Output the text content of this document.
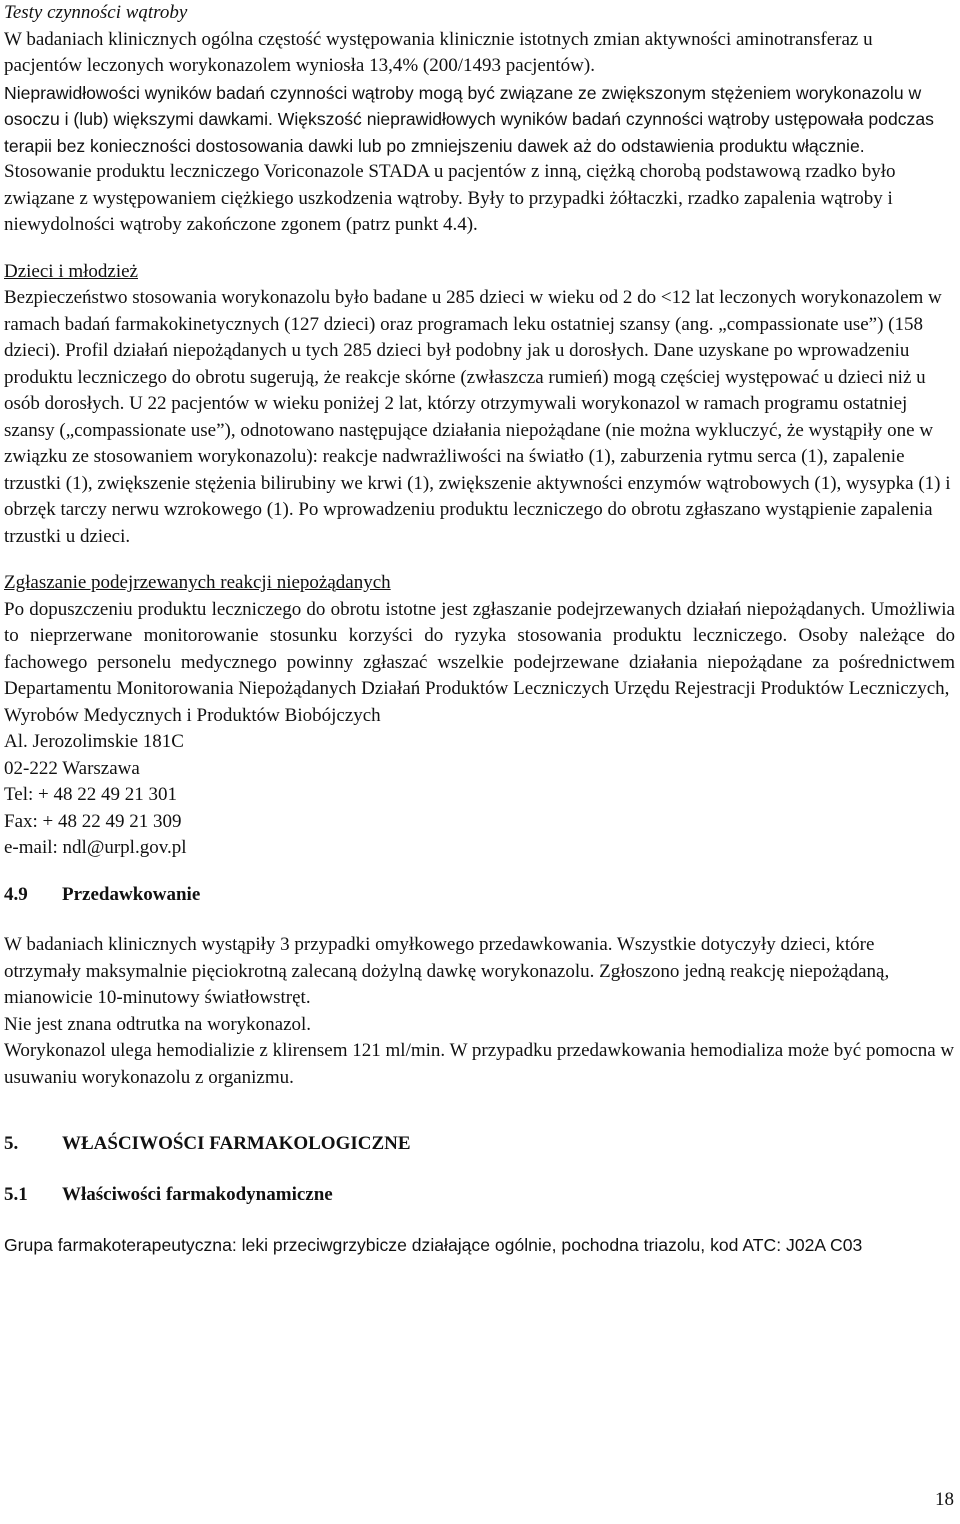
Testy czynności wątroby

W badaniach klinicznych ogólna częstość występowania klinicznie istotnych zmian aktywności aminotransferaz u pacjentów leczonych worykonazolem wyniosła 13,4% (200/1493 pacjentów).

Nieprawidłowości wyników badań czynności wątroby mogą być związane ze zwiększonym stężeniem worykonazolu w osoczu i (lub) większymi dawkami. Większość nieprawidłowych wyników badań czynności wątroby ustępowała podczas terapii bez konieczności dostosowania dawki lub po zmniejszeniu dawek aż do odstawienia produktu włącznie.

Stosowanie produktu leczniczego Voriconazole STADA u pacjentów z inną, ciężką chorobą podstawową rzadko było związane z występowaniem ciężkiego uszkodzenia wątroby. Były to przypadki żółtaczki, rzadko zapalenia wątroby i niewydolności wątroby zakończone zgonem (patrz punkt 4.4).

Dzieci i młodzież

Bezpieczeństwo stosowania worykonazolu było badane u 285 dzieci w wieku od 2 do <12 lat leczonych worykonazolem w ramach badań farmakokinetycznych (127 dzieci) oraz programach leku ostatniej szansy (ang. „compassionate use”) (158 dzieci). Profil działań niepożądanych u tych 285 dzieci był podobny jak u dorosłych. Dane uzyskane po wprowadzeniu produktu leczniczego do obrotu sugerują, że reakcje skórne (zwłaszcza rumień) mogą częściej występować u dzieci niż u osób dorosłych. U 22 pacjentów w wieku poniżej 2 lat, którzy otrzymywali worykonazol w ramach programu ostatniej szansy („compassionate use”), odnotowano następujące działania niepożądane (nie można wykluczyć, że wystąpiły one w związku ze stosowaniem worykonazolu): reakcje nadwrażliwości na światło (1), zaburzenia rytmu serca (1), zapalenie trzustki (1), zwiększenie stężenia bilirubiny we krwi (1), zwiększenie aktywności enzymów wątrobowych (1), wysypka (1) i obrzęk tarczy nerwu wzrokowego (1). Po wprowadzeniu produktu leczniczego do obrotu zgłaszano wystąpienie zapalenia trzustki u dzieci.

Zgłaszanie podejrzewanych reakcji niepożądanych

Po dopuszczeniu produktu leczniczego do obrotu istotne jest zgłaszanie podejrzewanych działań niepożądanych. Umożliwia to nieprzerwane monitorowanie stosunku korzyści do ryzyka stosowania produktu leczniczego. Osoby należące do fachowego personelu medycznego powinny zgłaszać wszelkie podejrzewane działania niepożądane za pośrednictwem Departamentu Monitorowania Niepożądanych Działań Produktów Leczniczych Urzędu Rejestracji Produktów Leczniczych,

Wyrobów Medycznych i Produktów Biobójczych

Al. Jerozolimskie 181C

02-222 Warszawa

Tel: + 48 22 49 21 301

Fax: + 48 22 49 21 309

e-mail: ndl@urpl.gov.pl

4.9 Przedawkowanie

W badaniach klinicznych wystąpiły 3 przypadki omyłkowego przedawkowania. Wszystkie dotyczyły dzieci, które otrzymały maksymalnie pięciokrotną zalecaną dożylną dawkę worykonazolu. Zgłoszono jedną reakcję niepożądaną, mianowicie 10-minutowy światłowstręt.

Nie jest znana odtrutka na worykonazol.

Worykonazol ulega hemodializie z klirensem 121 ml/min. W przypadku przedawkowania hemodializa może być pomocna w usuwaniu worykonazolu z organizmu.

5. WŁAŚCIWOŚCI FARMAKOLOGICZNE

5.1 Właściwości farmakodynamiczne

Grupa farmakoterapeutyczna: leki przeciwgrzybicze działające ogólnie, pochodna triazolu, kod ATC: J02A C03

18
